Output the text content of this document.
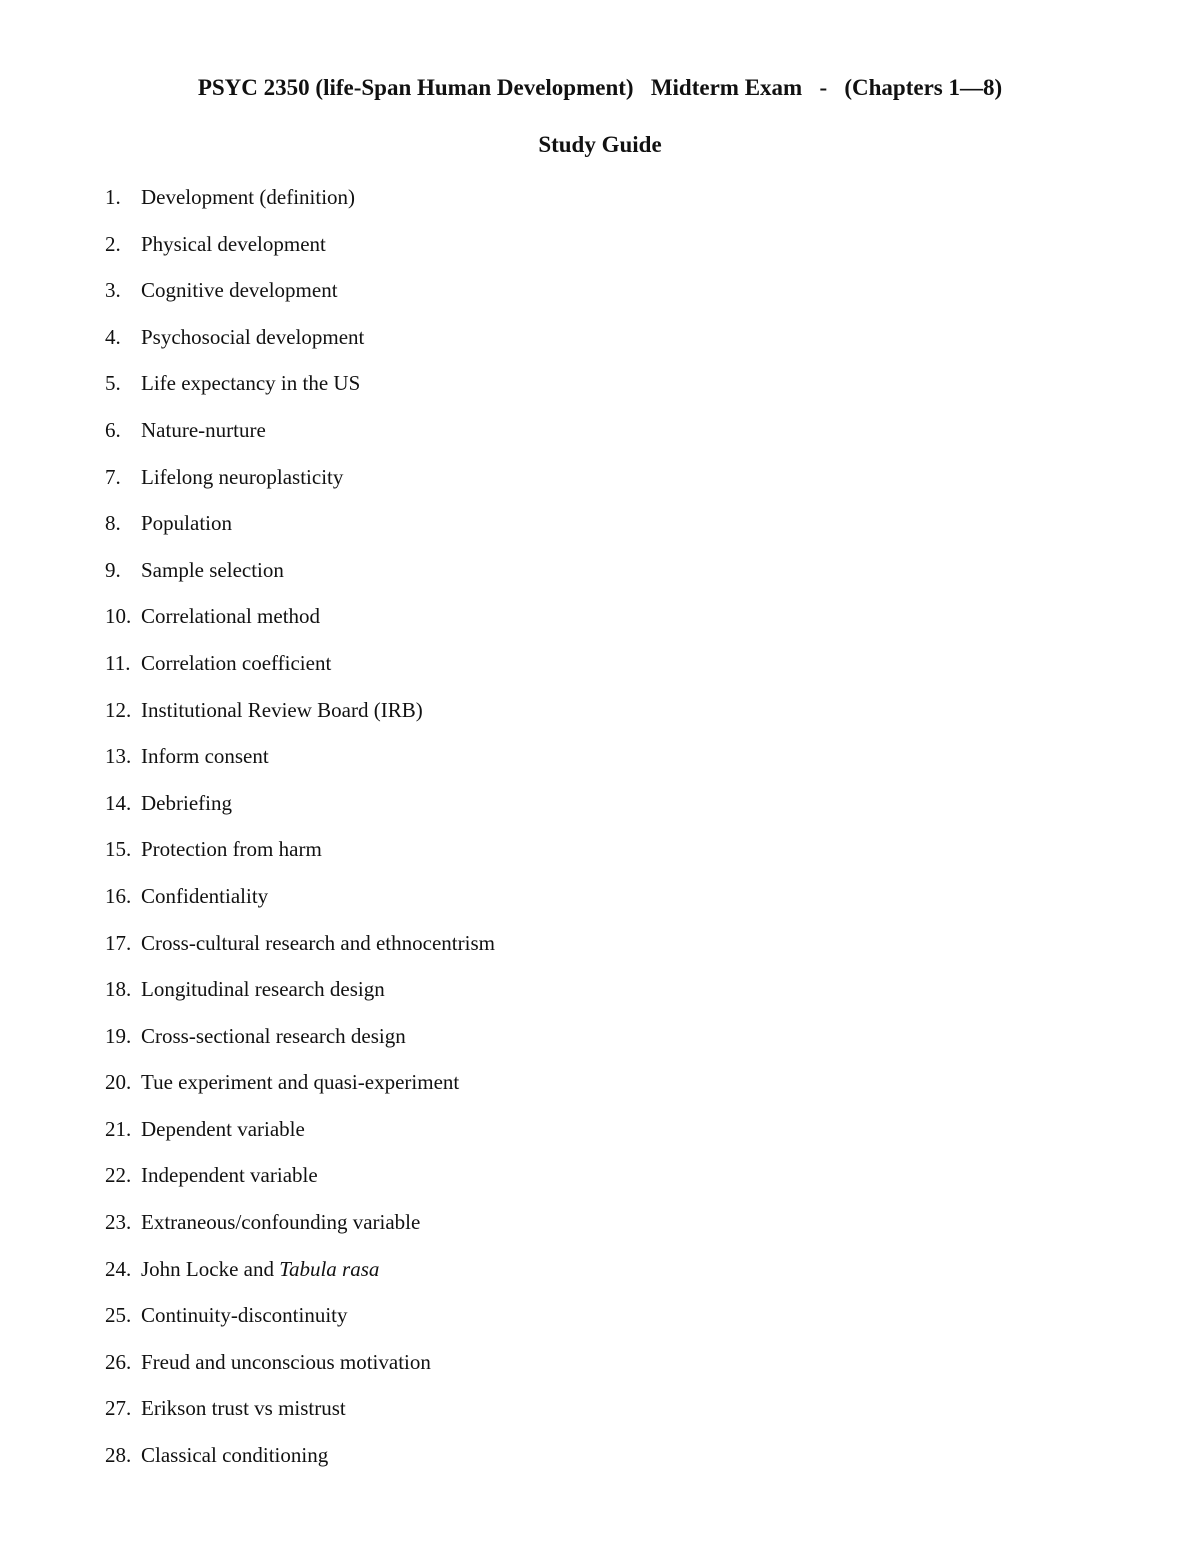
PSYC 2350 (life-Span Human Development)   Midterm Exam   -   (Chapters 1—8)
Study Guide
1. Development (definition)
2. Physical development
3. Cognitive development
4. Psychosocial development
5. Life expectancy in the US
6. Nature-nurture
7. Lifelong neuroplasticity
8. Population
9. Sample selection
10. Correlational method
11. Correlation coefficient
12. Institutional Review Board (IRB)
13. Inform consent
14. Debriefing
15. Protection from harm
16. Confidentiality
17. Cross-cultural research and ethnocentrism
18. Longitudinal research design
19. Cross-sectional research design
20. Tue experiment and quasi-experiment
21. Dependent variable
22. Independent variable
23. Extraneous/confounding variable
24. John Locke and Tabula rasa
25. Continuity-discontinuity
26. Freud and unconscious motivation
27. Erikson trust vs mistrust
28. Classical conditioning
